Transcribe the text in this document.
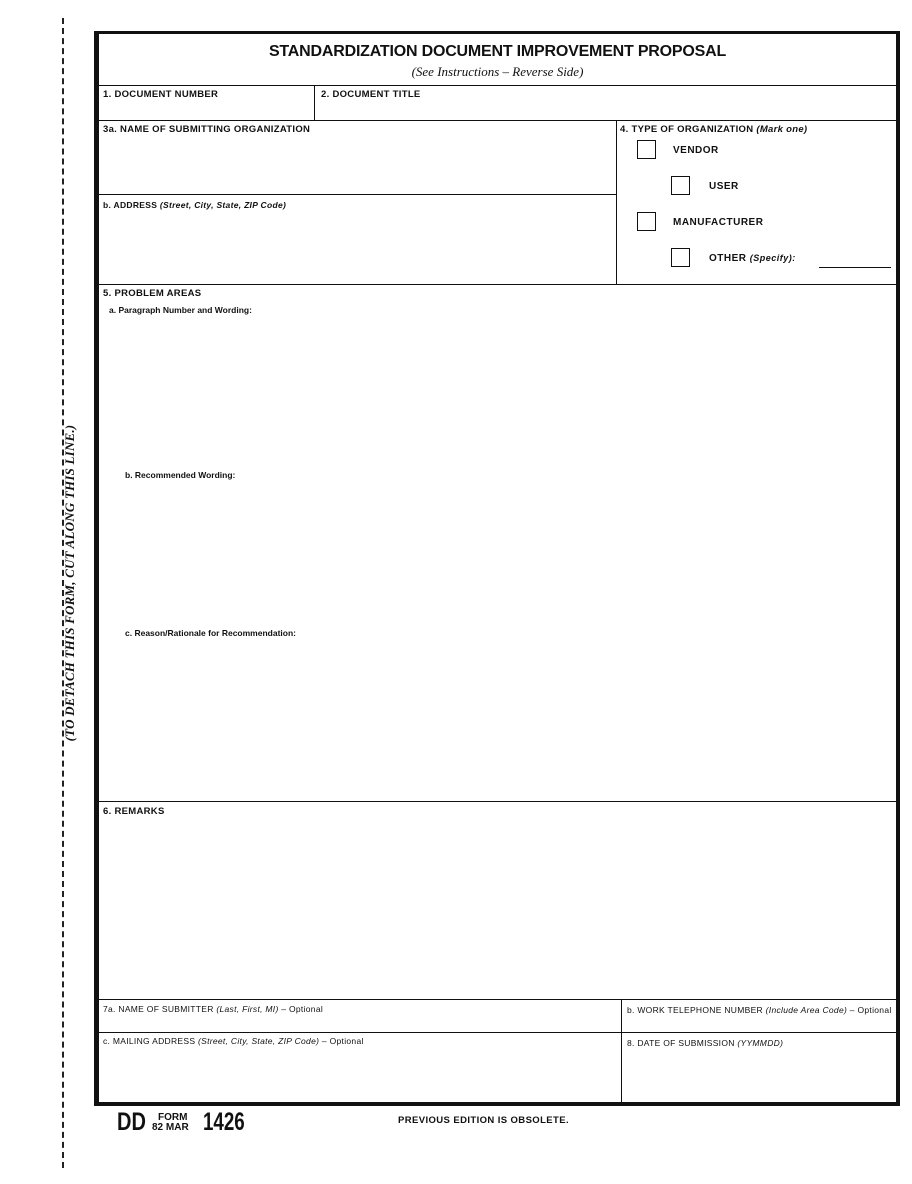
(TO DETACH THIS FORM, CUT ALONG THIS LINE.)
STANDARDIZATION DOCUMENT IMPROVEMENT PROPOSAL
(See Instructions – Reverse Side)
1. DOCUMENT NUMBER	2. DOCUMENT TITLE
3a. NAME OF SUBMITTING ORGANIZATION
b. ADDRESS (Street, City, State, ZIP Code)
4. TYPE OF ORGANIZATION (Mark one)
VENDOR
USER
MANUFACTURER
OTHER (Specify):
5. PROBLEM AREAS
a. Paragraph Number and Wording:
b. Recommended Wording:
c. Reason/Rationale for Recommendation:
6. REMARKS
7a. NAME OF SUBMITTER (Last, First, MI) – Optional	b. WORK TELEPHONE NUMBER (Include Area Code) – Optional
c. MAILING ADDRESS (Street, City, State, ZIP Code) – Optional	8. DATE OF SUBMISSION (YYMMDD)
DD FORM
82 MAR 1426	PREVIOUS EDITION IS OBSOLETE.
